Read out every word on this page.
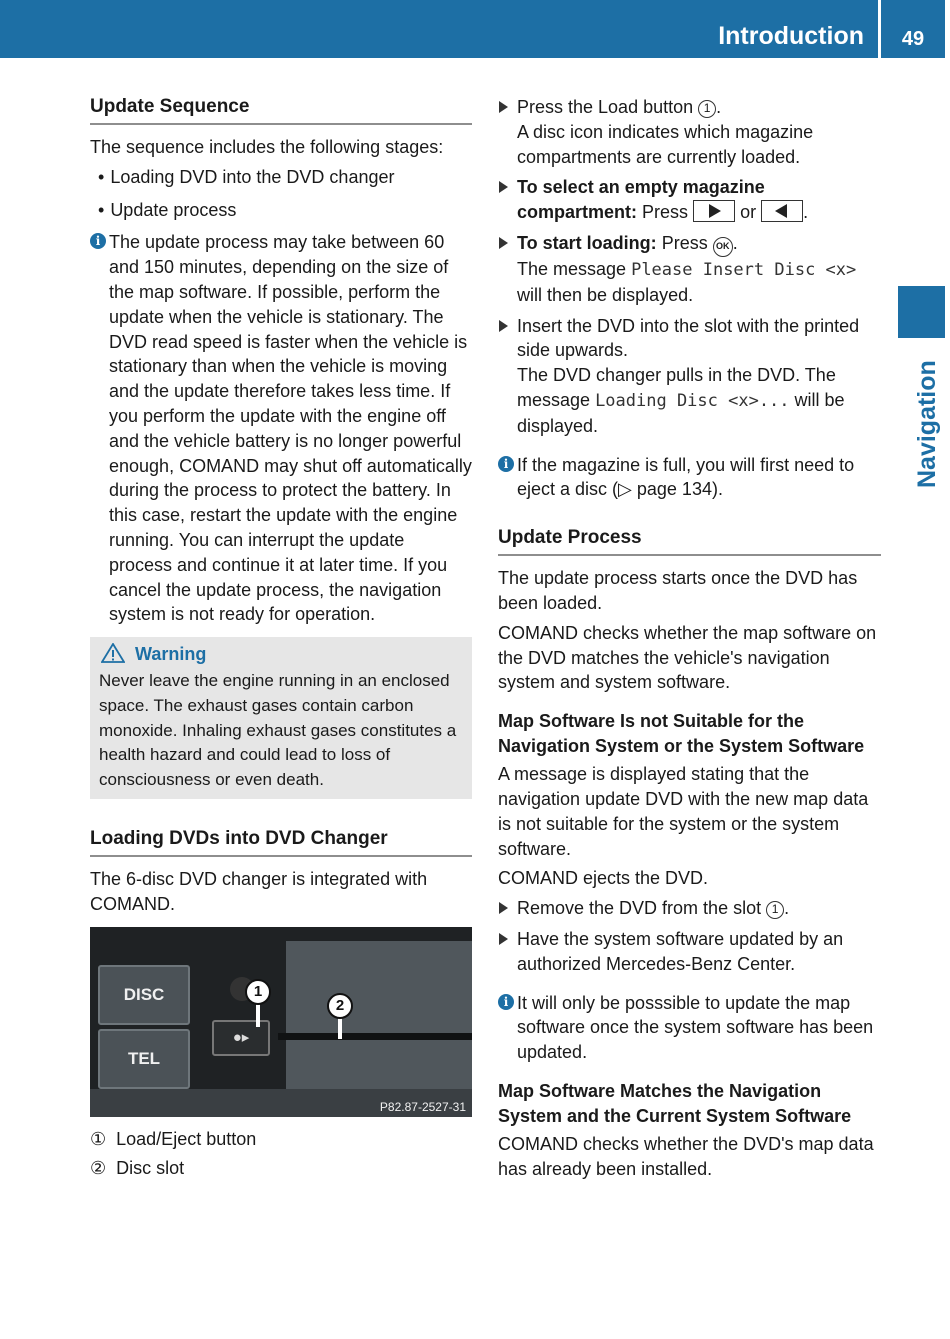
Introduction	49
Navigation
Update Sequence

The sequence includes the following stages:

• Loading DVD into the DVD changer
• Update process
i The update process may take between 60 and 150 minutes, depending on the size of the map software. If possible, perform the update when the vehicle is stationary. The DVD read speed is faster when the vehicle is stationary than when the vehicle is moving and the update therefore takes less time. If you perform the update with the engine off and the vehicle battery is no longer powerful enough, COMAND may shut off automatically during the process to protect the battery. In this case, restart the update with the engine running. You can interrupt the update process and continue it at later time. If you cancel the update process, the navigation system is not ready for operation.
Warning
Never leave the engine running in an enclosed space. The exhaust gases contain carbon monoxide. Inhaling exhaust gases constitutes a health hazard and could lead to loss of consciousness or even death.
Loading DVDs into DVD Changer

The 6-disc DVD changer is integrated with COMAND.

DISC
TEL
●▸
1
2
P82.87-2527-31
① Load/Eject button
② Disc slot
Press the Load button 1 .
A disc icon indicates which magazine compartments are currently loaded.
To select an empty magazine compartment: Press	or	.
To start loading: Press OK .
The message Please Insert Disc <x> will then be displayed.
Insert the DVD into the slot with the printed side upwards.
The DVD changer pulls in the DVD. The message Loading Disc <x>... will be displayed.
i If the magazine is full, you will first need to eject a disc (▷ page 134).
Update Process

The update process starts once the DVD has been loaded.

COMAND checks whether the map software on the DVD matches the vehicle's navigation system and system software.

Map Software Is not Suitable for the Navigation System or the System Software

A message is displayed stating that the navigation update DVD with the new map data is not suitable for the system or the system software.

COMAND ejects the DVD.

Remove the DVD from the slot 1 .
Have the system software updated by an authorized Mercedes-Benz Center.
i It will only be posssible to update the map software once the system software has been updated.
Map Software Matches the Navigation System and the Current System Software

COMAND checks whether the DVD's map data has already been installed.
